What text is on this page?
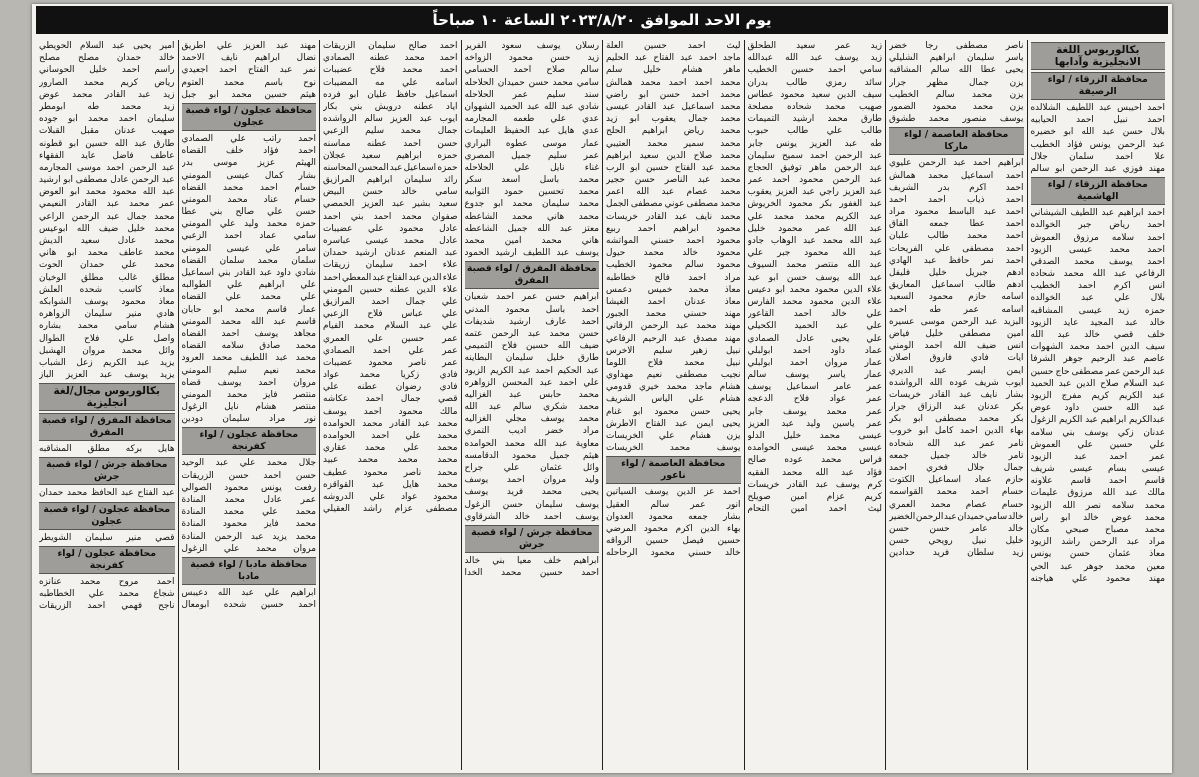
يوم الاحد الموافق ٢٠٢٣/٨/٢٠ الساعة ١٠ صباحاً
بكالوريوس اللغة الانجليزية وآدابها
محافظة الزرقاء / لواء الرصيفة
احمد
احيبس
عبد
اللطيف
الشلالده
احمد
نبيل
احمد
الحيابيه
بلال
حسن
عبد
الله
ابو
خضيره
عبد
الرحمن
يونس
فؤاد
الخطيب
علا
احمد
سلمان
جلال
مهند
فوزي
عبد
الرحمن
ابو
سالم
محافظة الزرقاء / لواء الهاشمية
احمد
ابراهيم
عبد
اللطيف
الشيشاني
احمد
رياض
جبر
الخوالده
احمد
سلامه
مرزوق
العموش
احمد
محمد
عيسى
الزيود
احمد
يوسف
محمد
الصدقي
الرفاعي
عبد
الله
محمد
شحاده
انس
اكرم
احمد
الخطيب
بلال
علي
عبد
الخوالده
حمزه
زيد
عيسى
المشاقبه
خالد
عبد
المجيد
عايد
الزيود
خلف
قصي
خالد
عبد
الله
سيف
الدين
احمد
محمد
الشهوات
عاصم
عبد
الرحيم
جوهر
الشرفا
عبد
الرحمن
عمر
مصطفى
حاج
حسين
عبد
السلام
صلاح
الدين
عبد
الحميد
عبد
الكريم
كريم
مفرج
الزيود
عبد
الله
حسن
داود
عوض
عبدالكريم
ابراهيم
عبد
الكريم
الزغول
عدنان
زكي
يوسف
بني
سلامه
علي
حسين
علي
العموش
عمر
احمد
عبد
الزيود
عيسى
بسام
عيسى
شريف
قاسم
احمد
قاسم
علاونه
مالك
عبد
الله
مرزوق
عليمات
محمد
سلامه
نصر
الله
الزيود
محمد
عوض
خالد
ابو
راس
محمد
مصباح
صبحي
مكان
مراد
عبد
الرحمن
راشد
الزيود
معاذ
عثمان
حسن
يونس
معين
محمد
جوهر
عبد
الحي
مهند
محمود
علي
هياجنه
ناصر
مصطفى
رجا
خضر
ياسر
سليمان
ابراهيم
الشليلي
يحيى
عطا
الله
سالم
المشاقبه
يزن
جمال
مظهر
جرار
يزن
محمد
سالم
الخطيب
يزن
محمد
محمود
الضمور
يوسف
منصور
محمد
طشوق
محافظة العاصمة / لواء ماركا
ابراهيم
احمد
عبد
الرحمن
عليوي
احمد
اسماعيل
محمد
همالش
احمد
اكرم
بدر
الشريف
احمد
ذياب
احمد
احمد
احمد
عبد
الباسط
محمود
مراد
احمد
عطا
جمعه
القاق
احمد
محمد
طالب
علبان
احمد
مصطفى
علي
الفريحات
احمد
نمر
حافظ
عبد
الهادي
ادهم
جبريل
خليل
فليفل
ادهم
طالب
اسماعيل
المعاريق
اسامه
حازم
محمود
السعيد
اسامه
عمر
طه
احمد
البزيد
عبد
الرحمن
موسى
عسيره
امين
مصطفى
خليل
فياض
انس
ضيف
الله
احمد
الومني
ايات
فادي
فاروق
اصلان
ايمن
ايسر
عبد
الديري
ايوب
شريف
عوده
الله
الرواشده
بشار
نايف
عبد
القادر
خريسات
بكر
عدنان
عبد
الرزاق
جرار
بكر
محمد
مصطفى
ابو
بكر
بهاء
الدين
احمد
كامل
ابو
خروب
تامر
عمر
عبد
الله
شحاده
تامر
خالد
جميل
جمعه
جمال
جلال
فخري
احمد
حازم
عماد
اسماعيل
الكتوت
حسام
احمد
محمد
القواسمه
حسام
عصام
محمد
العمري
خالد
سامي
حميدان
عبد
الرحمن
الخضير
خالد
عامر
حسن
حسن
خليل
نبيل
رويحي
حسن
زيد
سلطان
فريد
حدادين
زيد
عمر
سعيد
الطحلق
زيد
يوسف
عبد
الله
عبدالله
سامي
احمد
حسين
الخطيب
سائد
رمزي
طالب
بدران
سيف
الدين
سعيد
محمود
عطاس
صهيب
محمد
شحاده
مصلحة
طارق
محمد
ارشيد
التميمات
طالب
علي
طالب
حبوب
طه
عبد
العزيز
يونس
جابر
عبد
الرحمن
احمد
سميح
سليمان
عبد
الرحمن
ماهر
توفيق
الحجاج
عبد
الرحمن
محمود
احمد
عمر
عبد
العزيز
راجي
عبد
العزيز
يعقوب
عبد
الغفور
بكر
محمود
الخريوش
عبد
الكريم
محمد
محمد
علي
عبد
الله
عمر
محمود
خليل
عبد
الله
محمد
عبد
الوهاب
جادو
عبد
الله
محمود
جبر
علي
عبد
الله
منتصر
محمد
السيوف
عبد
الله
يوسف
حسن
ابو
عيد
علاء
الدين
محمود
محمد
ابو
دعيس
علاء
الدين
محمود
محمد
الفارس
علي
خالد
احمد
القاعور
علي
عبد
الحميد
الكحيلي
علي
يحيى
عادل
الصمادي
عماد
داود
احمد
ابولبلي
عمار
مروان
احمد
ابولبلي
عمار
ياسر
يوسف
سالم
عمر
عامر
اسماعيل
يوسف
عمر
عواد
فلاح
الدعجه
عمر
محمد
يوسف
جابر
عمر
ياسين
وليد
عبد
العزيز
عيسى
محمد
خليل
الدلو
عيسى
محمد
عيسى
الحوامده
فراس
محمد
عوده
صالح
فؤاد
عبد
الله
محمد
الفقيه
كرم
يوسف
عبد
القادر
خريسات
كريم
عزام
امين
صويلح
ليث
احمد
امين
التحام
ليث
احمد
حسين
العلة
ماجد
احمد
عبد
الفتاح
عبد
الحليم
ماهر
هشام
خليل
سلم
محمد
احمد
احمد
محمد
همالش
محمد
احمد
حسن
ابو
راضي
محمد
اسماعيل
عبد
القادر
عيسى
محمد
جمال
يعقوب
ابو
زيد
محمد
رياض
ابراهيم
الحلح
محمد
سمير
محمد
العتيبي
محمد
صلاح
الدين
سعيد
ابراهيم
محمد
عبد
الفتاح
حسين
ابو
الرب
محمد
عبد
الناصر
حسن
حجير
محمد
عصام
عبد
الله
اعمر
محمد
مصطفى
عوني
مصطفى
الجمل
محمد
نايف
عبد
القادر
خريسات
محمود
ابراهيم
احمد
ربيع
محمود
احمد
حسني
المواتشه
محمود
خالد
محمد
حيول
محمود
سالم
محمود
الخطيب
مراد
احمد
فالح
خطاطبه
معاذ
محمد
خميس
دعمس
معاذ
عدنان
احمد
الغيشا
مهند
حسني
محمد
الجبور
مهند
محمد
عبد
الرحمن
الرفاتي
مهند
مصدق
عبد
الرحيم
الرفاعي
نبيل
زهير
سليم
الاخرس
نبيل
محمد
فلاح
اللوما
نجيب
مصطفى
نعيم
مهداوي
هشام
ماجد
محمد
خيري
قدومي
هشام
علي
الياس
الشريف
يحيى
حسن
محمود
ابو
غنام
يحيى
ايمن
عبد
الفتاح
الاطرش
يزن
هشام
علي
الخريسات
يوسف
محمد
الخريسات
محافظة العاصمة / لواء ناعور
احمد
عز
الدين
يوسف
السياتين
انور
عمر
سالم
العقيل
بشار
جمعه
محمود
العدوان
بهاء
الدين
اكرم
محمود
المرضي
حسين
فيصل
حسين
الرواقه
خالد
حسني
محمود
الرحاحله
رسلان
يوسف
سعود
الفرير
زيد
حسن
محمود
الزواخه
سالم
صلاح
احمد
الحسامي
سامي
محمد
حسن
حميدان
الحلاحله
سند
سليم
عمر
الحلاحله
شادي
عبد
الله
عبد
الحميد
الشهوان
عدي
علي
طعمه
المجارمه
عدي
هايل
عبد
الحفيظ
العليمات
عمار
موسى
عطوه
البراري
عمر
سليم
جميل
المصري
غناء
نايل
علي
الحلاحله
محمد
باسل
اسعد
سكر
محمد
تحسين
حمود
الثوابيه
محمد
سليمان
محمد
ابو
جدوع
محمد
هاني
محمد
الشاعطه
معتز
عبد
الله
جميل
الشاعطه
هاني
محمد
امين
محمد
يوسف
عبد
اللطيف
ارشيد
الحمود
محافظة المفرق / لواء قصبة المفرق
ابراهيم
حسن
عمر
احمد
شعبان
احمد
باسل
محمود
المدني
احمد
عارف
ارشيد
شديفات
حسن
محمد
عبد
الرحمن
عتمه
ضيف
الله
حسين
فلاح
التميمي
طارق
خليل
سليمان
البطاينه
عبد
الحكيم
احمد
عبد
الكريم
الزيود
علي
احمد
عبد
المحسن
الزواهره
محمد
حابس
عبد
الغزاليه
محمد
شكري
سالم
عبد
الله
محمد
يوسف
مجلي
الغزاليه
مراد
خضر
اديب
التمري
معاوية
عبد
الله
محمد
الحوامده
هيثم
جميل
محمود
الدقامسه
وائل
عثمان
علي
جراح
وليد
مروان
احمد
يوسف
يحيى
محمد
فريد
يوسف
يوسف
سليمان
حسن
الزغول
يوسف
احمد
خالد
الشرقاوي
محافظة جرش / لواء قصبة جرش
ابراهيم
خلف
معيا
بني
خالد
احمد
حسين
محمد
الخدا
احمد
صالح
سليمان
الزريقات
احمد
محمد
عطنه
الصمادي
احمد
محمد
فلاح
عضيبات
اسامه
علي
مه
المضيبات
اسماعيل
حافظ
عليان
ابو
فرده
اياد
عطنه
درويش
بني
بكار
ايوب
عبد
العزيز
سالم
الرواشده
جمال
محمد
سليم
الزعبي
حسن
احمد
عطنه
مماسنه
حمزه
ابراهيم
سعيد
عجلان
حمزه
اسماعيل
عبد
المحسن
المحاسنه
رائد
سليمان
ابراهيم
المرازيق
سامي
خالد
حسن
البيض
سعيد
بشير
عبد
العزيز
الحمصي
صفوان
محمد
احمد
بني
احمد
عادل
محمود
علي
عضيبات
عادل
محمد
عيسى
عباسره
عبد
المنعم
عدنان
ارشيد
حمدان
علاء
احمد
سليمان
زريقات
علاء
الدين
عبد
الفتاح
عبد
المعطي
احمد
علاء
الدين
عطنه
حسين
المومني
علي
جمال
احمد
المرازيق
علي
عباس
فلاح
الزعبي
علي
عبد
السلام
محمد
الفيام
عمر
حسين
علي
العمري
عمر
علي
احمد
الصمادي
عمر
ناصر
محمود
عضيبات
فادي
زكريا
محمد
عواد
فادي
رضوان
عطنه
علي
قصي
جمال
احمد
عكاشه
مالك
محمود
احمد
يوسف
محمد
عبد
القادر
محمد
الحوامده
محمد
علي
احمد
الحوامده
محمد
علي
محمد
عقاري
محمد
محمد
محمد
عبيد
محمد
ناصر
محمود
عطيف
محمد
هايل
عبد
القواقزه
محمود
عواد
علي
الدروشه
مصطفى
عزام
راشد
العقيلي
مهند
عبد
العزيز
علي
اطريق
نضال
ابراهيم
نايف
الاحمد
نمر
عبد
الفتاح
احمد
اجعيدي
نوح
باسم
محمد
العتوم
هيثم
حسين
محمد
ابو
جبل
محافظة عجلون / لواء قصبة عجلون
احمد
راتب
علي
الصمادي
احمد
فؤاد
خلف
القضاه
الهيثم
عزيز
موسى
بدر
بشار
كمال
عيسى
المومني
حسام
احمد
محمد
القضاه
حسام
عناد
محمد
المومني
حسن
علي
صالح
بني
عطا
حمزه
محمد
وليد
علي
المومني
سامي
عماد
احمد
الزعبي
سامر
علي
عيسى
المومني
سلمان
محمد
سلمان
القضاه
شادي
داود
عبد
القادر
بني
اسماعيل
علي
ابراهيم
علي
الطوالبه
علي
محمد
علي
القضاه
عمار
قاسم
محمد
ابو
حابان
قاسم
عبد
الله
محمد
المومني
مجاهد
يوسف
احمد
القضاه
محمد
صادق
سلامه
القضاه
محمد
عبد
اللطيف
محمد
العرود
محمد
نعيم
سليم
المومني
مروان
احمد
يوسف
قضاه
منتصر
فايز
محمد
المومني
منتصر
هشام
نايل
الزغول
نور
مراد
سليمان
دودين
محافظة عجلون / لواء كفرنجة
جلال
محمد
علي
عبد
الوحيد
حسن
احمد
حسن
الزريقات
رفعت
يونس
محمود
الصوالي
عمر
عادل
محمد
المنادة
محمد
علي
محمد
المنادة
محمد
فايز
محمود
المنادة
محمد
يزيد
عبد
الرحمن
المنادة
مروان
محمد
علي
الزغول
محافظة مادبا / لواء قصبة مادبا
ابراهيم
علي
عبد
الله
دعيبس
احمد
حسين
شحده
ابومعال
امير
يحيى
عبد
السلام
الحويطي
خالد
حمدان
مصلح
مصلح
راسم
احمد
خليل
الحوساني
رياض
كريم
محمد
الصارور
زيد
عبد
القادر
محمد
عوض
زيد
محمد
طه
ابومطر
سليمان
احمد
محمد
ابو
جوده
صهيب
عدنان
مقبل
القبلات
طارق
عبد
الله
حسين
ابو
قطونه
عاطف
فاضل
عايد
الفقهاء
عبد
الرحمن
احمد
موسى
المجارمه
عبد
الرحمن
عادل
مصطفى
ابو
ارشيد
عبد
الله
محمود
محمد
ابو
العوض
عمر
محمد
عبد
القادر
النعيمي
محمد
جمال
عبد
الرحمن
الراعي
محمد
خليل
ضيف
الله
ابوعيس
محمد
عادل
سعيد
الديش
محمد
عاطف
محمد
ابو
هاني
محمد
علي
حمدان
الحوت
مطلق
غالب
مطلق
الوخيان
معاذ
كاسب
شحده
العلش
معاذ
محمود
يوسف
الشوابكه
هادي
منير
سليمان
الزواهره
هشام
سامي
محمد
بشاره
واصل
علي
فلاح
الطوال
وائل
محمد
مروان
الهشبل
يزيد
عبد
الكريم
زعل
الشباب
يزيد
يوسف
عبد
العزيز
الباز
بكالوريوس مجال/لغة انجليزية
محافظة المفرق / لواء قصبة المفرق
هايل
بركه
مطلق
المشاقبه
محافظة جرش / لواء قصبة جرش
عبد
الفتاح
عبد
الحافظ
محمد
حمدان
محافظة عجلون / لواء قصبة عجلون
قصي
منير
سليمان
الشويطر
محافظة عجلون / لواء كفرنجة
احمد
مروح
محمد
عنانزه
شجاع
محمد
علي
الخطاطبه
ناجح
فهمي
احمد
الزريقات
